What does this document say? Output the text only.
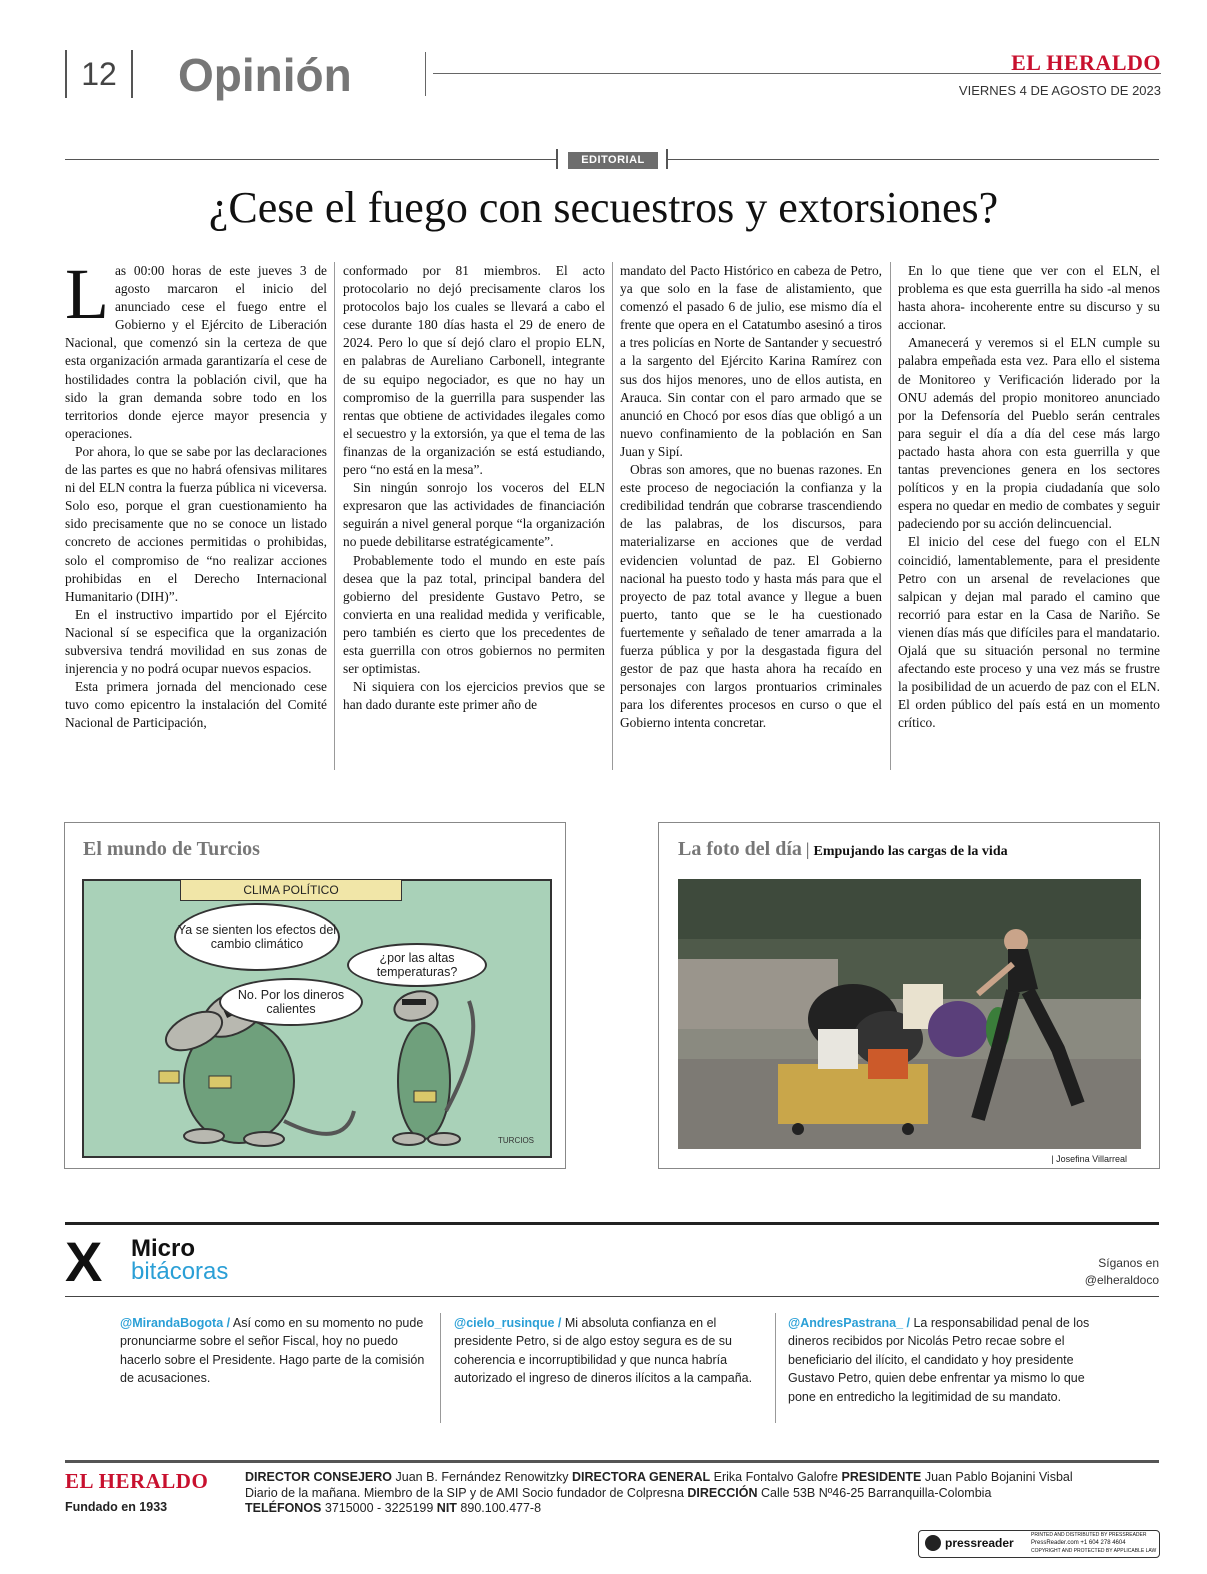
12	Opinión	EL HERALDO
VIERNES 4 DE AGOSTO DE 2023
EDITORIAL
¿Cese el fuego con secuestros y extorsiones?
L as 00:00 horas de este jueves 3 de agosto marcaron el inicio del anunciado cese el fuego entre el Gobierno y el Ejército de Liberación Nacional, que comenzó sin la certeza de que esta organización armada garantizaría el cese de hostilidades contra la población civil, que ha sido la gran demanda sobre todo en los territorios donde ejerce mayor presencia y operaciones.

Por ahora, lo que se sabe por las declaraciones de las partes es que no habrá ofensivas militares ni del ELN contra la fuerza pública ni viceversa. Solo eso, porque el gran cuestionamiento ha sido precisamente que no se conoce un listado concreto de acciones permitidas o prohibidas, solo el compromiso de “no realizar acciones prohibidas en el Derecho Internacional Humanitario (DIH)”.

En el instructivo impartido por el Ejército Nacional sí se especifica que la organización subversiva tendrá movilidad en sus zonas de injerencia y no podrá ocupar nuevos espacios.

Esta primera jornada del mencionado cese tuvo como epicentro la instalación del Comité Nacional de Participación,

conformado por 81 miembros. El acto protocolario no dejó precisamente claros los protocolos bajo los cuales se llevará a cabo el cese durante 180 días hasta el 29 de enero de 2024. Pero lo que sí dejó claro el propio ELN, en palabras de Aureliano Carbonell, integrante de su equipo negociador, es que no hay un compromiso de la guerrilla para suspender las rentas que obtiene de actividades ilegales como el secuestro y la extorsión, ya que el tema de las finanzas de la organización se está estudiando, pero “no está en la mesa”.

Sin ningún sonrojo los voceros del ELN expresaron que las actividades de financiación seguirán a nivel general porque “la organización no puede debilitarse estratégicamente”.

Probablemente todo el mundo en este país desea que la paz total, principal bandera del gobierno del presidente Gustavo Petro, se convierta en una realidad medida y verificable, pero también es cierto que los precedentes de esta guerrilla con otros gobiernos no permiten ser optimistas.

Ni siquiera con los ejercicios previos que se han dado durante este primer año de

mandato del Pacto Histórico en cabeza de Petro, ya que solo en la fase de alistamiento, que comenzó el pasado 6 de julio, ese mismo día el frente que opera en el Catatumbo asesinó a tiros a tres policías en Norte de Santander y secuestró a la sargento del Ejército Karina Ramírez con sus dos hijos menores, uno de ellos autista, en Arauca. Sin contar con el paro armado que se anunció en Chocó por esos días que obligó a un nuevo confinamiento de la población en San Juan y Sipí.

Obras son amores, que no buenas razones. En este proceso de negociación la confianza y la credibilidad tendrán que cobrarse trascendiendo de las palabras, de los discursos, para materializarse en acciones que de verdad evidencien voluntad de paz. El Gobierno nacional ha puesto todo y hasta más para que el proyecto de paz total avance y llegue a buen puerto, tanto que se le ha cuestionado fuertemente y señalado de tener amarrada a la fuerza pública y por la desgastada figura del gestor de paz que hasta ahora ha recaído en personajes con largos prontuarios criminales para los diferentes procesos en curso o que el Gobierno intenta concretar.

En lo que tiene que ver con el ELN, el problema es que esta guerrilla ha sido -al menos hasta ahora- incoherente entre su discurso y su accionar.

Amanecerá y veremos si el ELN cumple su palabra empeñada esta vez. Para ello el sistema de Monitoreo y Verificación liderado por la ONU además del propio monitoreo anunciado por la Defensoría del Pueblo serán centrales para seguir el día a día del cese más largo pactado hasta ahora con esta guerrilla y que tantas prevenciones genera en los sectores políticos y en la propia ciudadanía que solo espera no quedar en medio de combates y seguir padeciendo por su acción delincuencial.

El inicio del cese del fuego con el ELN coincidió, lamentablemente, para el presidente Petro con un arsenal de revelaciones que salpican y dejan mal parado el camino que recorrió para estar en la Casa de Nariño. Se vienen días más que difíciles para el mandatario. Ojalá que su situación personal no termine afectando este proceso y una vez más se frustre la posibilidad de un acuerdo de paz con el ELN. El orden público del país está en un momento crítico.

El mundo de Turcios
Ya se sienten los efectos del cambio climático
¿por las altas temperaturas?
No. Por los dineros calientes
TURCIOS
CLIMA POLÍTICO
La foto del día | Empujando las cargas de la vida
| Josefina Villarreal
X Micro
bitácoras	Síganos en
@elheraldoco
@MirandaBogota / Así como en su momento no pude pronunciarme sobre el señor Fiscal, hoy no puedo hacerlo sobre el Presidente. Hago parte de la comisión de acusaciones.
@cielo_rusinque / Mi absoluta confianza en el presidente Petro, si de algo estoy segura es de su coherencia e incorruptibilidad y que nunca habría autorizado el ingreso de dineros ilícitos a la campaña.
@AndresPastrana_ / La responsabilidad penal de los dineros recibidos por Nicolás Petro recae sobre el beneficiario del ilícito, el candidato y hoy presidente Gustavo Petro, quien debe enfrentar ya mismo lo que pone en entredicho la legitimidad de su mandato.
EL HERALDO
Fundado en 1933
DIRECTOR CONSEJERO Juan B. Fernández Renowitzky DIRECTORA GENERAL Erika Fontalvo Galofre PRESIDENTE Juan Pablo Bojanini Visbal
Diario de la mañana. Miembro de la SIP y de AMI Socio fundador de Colpresna DIRECCIÓN Calle 53B Nº46-25 Barranquilla-Colombia
TELÉFONOS 3715000 - 3225199 NIT 890.100.477-8
pressreader
PRINTED AND DISTRIBUTED BY PRESSREADER
PressReader.com +1 604 278 4604
COPYRIGHT AND PROTECTED BY APPLICABLE LAW
